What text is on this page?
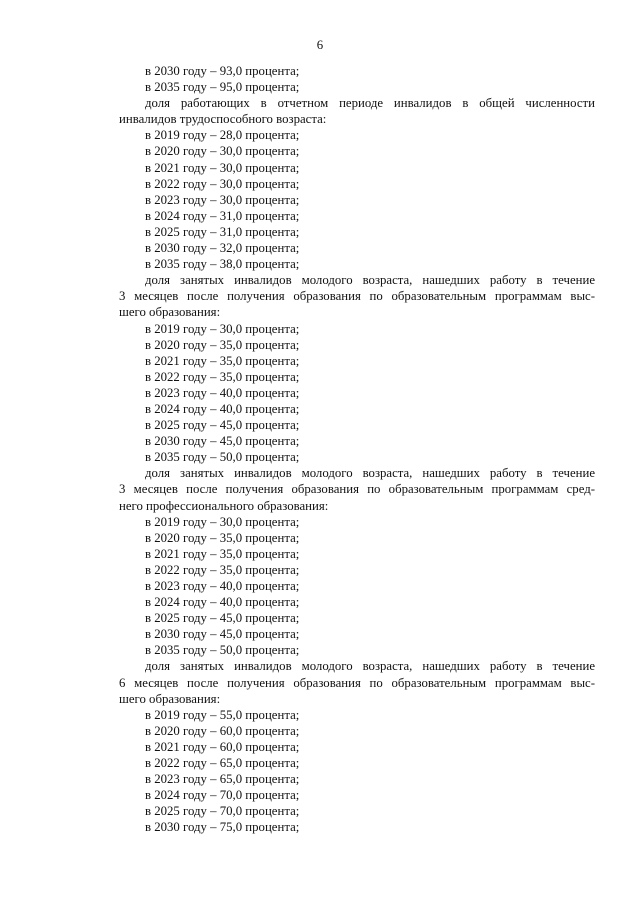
6
в 2030 году – 93,0 процента;
в 2035 году – 95,0 процента;
доля работающих в отчетном периоде инвалидов в общей численности
инвалидов трудоспособного возраста:
в 2019 году – 28,0 процента;
в 2020 году – 30,0 процента;
в 2021 году – 30,0 процента;
в 2022 году – 30,0 процента;
в 2023 году – 30,0 процента;
в 2024 году – 31,0 процента;
в 2025 году – 31,0 процента;
в 2030 году – 32,0 процента;
в 2035 году – 38,0 процента;
доля занятых инвалидов молодого возраста, нашедших работу в течение
3 месяцев после получения образования по образовательным программам выс-
шего образования:
в 2019 году – 30,0 процента;
в 2020 году – 35,0 процента;
в 2021 году – 35,0 процента;
в 2022 году – 35,0 процента;
в 2023 году – 40,0 процента;
в 2024 году – 40,0 процента;
в 2025 году – 45,0 процента;
в 2030 году – 45,0 процента;
в 2035 году – 50,0 процента;
доля занятых инвалидов молодого возраста, нашедших работу в течение
3 месяцев после получения образования по образовательным программам сред-
него профессионального образования:
в 2019 году – 30,0 процента;
в 2020 году – 35,0 процента;
в 2021 году – 35,0 процента;
в 2022 году – 35,0 процента;
в 2023 году – 40,0 процента;
в 2024 году – 40,0 процента;
в 2025 году – 45,0 процента;
в 2030 году – 45,0 процента;
в 2035 году – 50,0 процента;
доля занятых инвалидов молодого возраста, нашедших работу в течение
6 месяцев после получения образования по образовательным программам выс-
шего образования:
в 2019 году – 55,0 процента;
в 2020 году – 60,0 процента;
в 2021 году – 60,0 процента;
в 2022 году – 65,0 процента;
в 2023 году – 65,0 процента;
в 2024 году – 70,0 процента;
в 2025 году – 70,0 процента;
в 2030 году – 75,0 процента;
